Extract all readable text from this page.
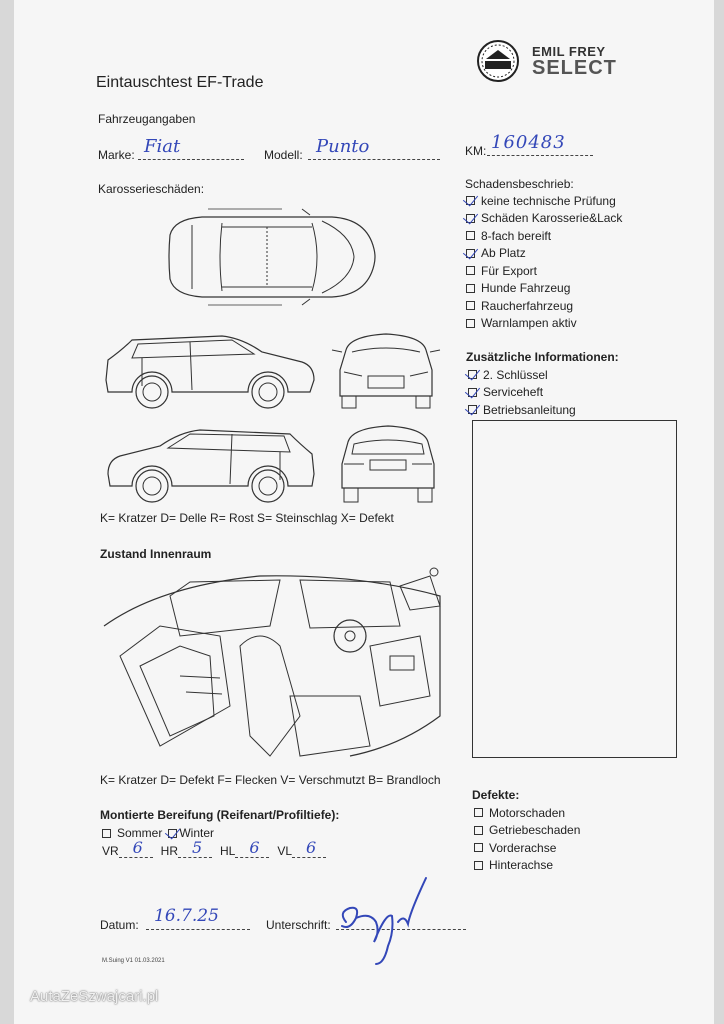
EMIL FREY
SELECT
Eintauschtest EF-Trade
Fahrzeugangaben
Marke: Fiat	Modell: Punto	KM: 160483
Karosserieschäden:
K= Kratzer D= Delle R= Rost S= Steinschlag X= Defekt
Zustand Innenraum
K= Kratzer D= Defekt F= Flecken V= Verschmutzt B= Brandloch
Schadensbeschrieb:
keine technische Prüfung
Schäden Karosserie&Lack
8-fach bereift
Ab Platz
Für Export
Hunde Fahrzeug
Raucherfahrzeug
Warnlampen aktiv
Zusätzliche Informationen:
2. Schlüssel
Serviceheft
Betriebsanleitung
Montierte Bereifung (Reifenart/Profiltiefe):
Sommer Winter
VR 6 HR 5 HL 6 VL 6
Defekte:
Motorschaden
Getriebeschaden
Vorderachse
Hinterachse
Datum: 16.7.25	Unterschrift:
M.Suing V1 01.03.2021
AutaZeSzwajcari.pl
